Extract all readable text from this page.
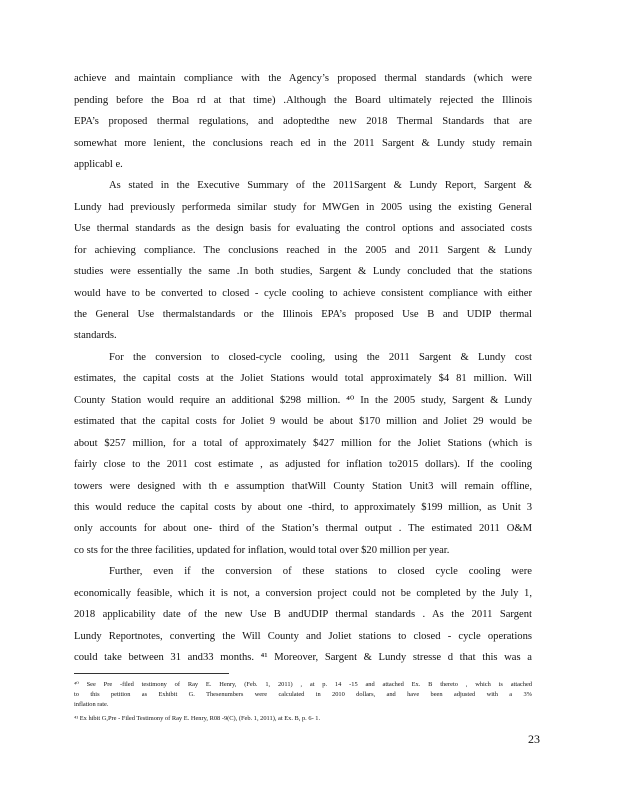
achieve and maintain compliance with the Agency’s proposed thermal standards (which were
pending before the Boa rd at that time) .Although the Board ultimately rejected the Illinois
EPA’s proposed thermal regulations, and adoptedthe new 2018 Thermal Standards that are
somewhat more lenient, the conclusions reach ed in the 2011 Sargent & Lundy study remain
applicabl e.
As stated in the Executive Summary of the 2011Sargent & Lundy Report, Sargent &
Lundy had previously performeda similar study for MWGen in 2005 using the existing General
Use thermal standards as the design basis for evaluating the control options and associated costs
for achieving compliance. The conclusions reached in the 2005 and 2011 Sargent & Lundy
studies were essentially the same .In both studies, Sargent & Lundy concluded that the stations
would have to be converted to closed - cycle cooling to achieve consistent compliance with either
the General Use thermalstandards or the Illinois EPA’s proposed Use B and UDIP thermal
standards.
For the conversion to closed-cycle cooling, using the 2011 Sargent & Lundy cost
estimates, the capital costs at the Joliet Stations would total approximately $4 81 million. Will
County Station would require an additional $298 million. ⁴⁰ In the 2005 study, Sargent & Lundy
estimated that the capital costs for Joliet 9 would be about $170 million and Joliet 29 would be
about $257 million, for a total of approximately $427 million for the Joliet Stations (which is
fairly close to the 2011 cost estimate , as adjusted for inflation to2015 dollars). If the cooling
towers were designed with th e assumption thatWill County Station Unit3 will remain offline,
this would reduce the capital costs by about one -third, to approximately $199 million, as Unit 3
only accounts for about one- third of the Station’s thermal output . The estimated 2011 O&M
co sts for the three facilities, updated for inflation, would total over $20 million per year.
Further, even if the conversion of these stations to closed cycle cooling were
economically feasible, which it is not, a conversion project could not be completed by the July 1,
2018 applicability date of the new Use B andUDIP thermal standards . As the 2011 Sargent
Lundy Reportnotes, converting the Will County and Joliet stations to closed - cycle operations
could take between 31 and33 months. ⁴¹ Moreover, Sargent & Lundy stresse d that this was a
⁴⁰ See Pre -filed testimony of Ray E. Henry, (Feb. 1, 2011) , at p. 14 -15 and attached Ex. B thereto , which is attached
to this petition as Exhibit G. Thesenumbers were calculated in 2010 dollars, and have been adjusted with a 3%
inflation rate.
⁴¹ Ex hibit G,Pre - Filed Testimony of Ray E. Henry, R08 -9(C), (Feb. 1, 2011), at Ex. B, p. 6- 1.
23
